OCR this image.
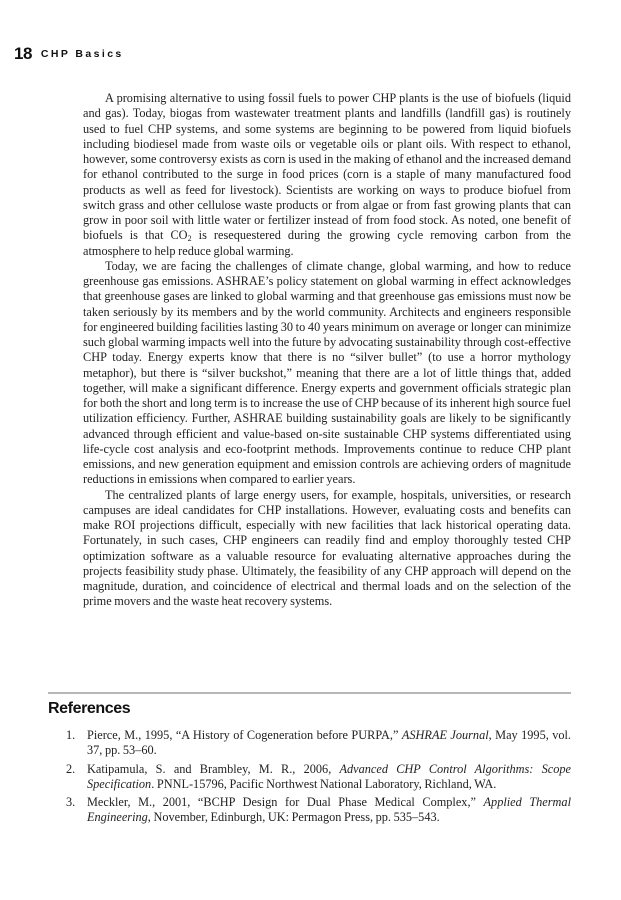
18 CHP Basics

A promising alternative to using fossil fuels to power CHP plants is the use of biofuels (liquid and gas). Today, biogas from wastewater treatment plants and landfills (landfill gas) is routinely used to fuel CHP systems, and some systems are beginning to be powered from liquid biofuels including biodiesel made from waste oils or vegetable oils or plant oils. With respect to ethanol, however, some controversy exists as corn is used in the making of ethanol and the increased demand for ethanol contributed to the surge in food prices (corn is a staple of many manufactured food products as well as feed for livestock). Scientists are working on ways to produce biofuel from switch grass and other cellulose waste products or from algae or from fast growing plants that can grow in poor soil with little water or fertilizer instead of from food stock. As noted, one benefit of biofuels is that $CO_2$ is resequestered during the growing cycle removing carbon from the atmosphere to help reduce global warming.

Today, we are facing the challenges of climate change, global warming, and how to reduce greenhouse gas emissions. ASHRAE’s policy statement on global warming in effect acknowledges that greenhouse gases are linked to global warming and that greenhouse gas emissions must now be taken seriously by its members and by the world community. Architects and engineers responsible for engineered building facilities lasting 30 to 40 years minimum on average or longer can minimize such global warming impacts well into the future by advocating sustainability through cost-effective CHP today. Energy experts know that there is no “silver bullet” (to use a horror mythology metaphor), but there is “silver buckshot,” meaning that there are a lot of little things that, added together, will make a significant difference. Energy experts and government officials strategic plan for both the short and long term is to increase the use of CHP because of its inherent high source fuel utilization efficiency. Further, ASHRAE building sustainability goals are likely to be significantly advanced through efficient and value-based on-site sustainable CHP systems differentiated using life-cycle cost analysis and eco-footprint methods. Improvements continue to reduce CHP plant emissions, and new generation equipment and emission controls are achieving orders of magnitude reductions in emissions when compared to earlier years.

The centralized plants of large energy users, for example, hospitals, universities, or research campuses are ideal candidates for CHP installations. However, evaluating costs and benefits can make ROI projections difficult, especially with new facilities that lack historical operating data. Fortunately, in such cases, CHP engineers can readily find and employ thoroughly tested CHP optimization software as a valuable resource for evaluating alternative approaches during the projects feasibility study phase. Ultimately, the feasibility of any CHP approach will depend on the magnitude, duration, and coincidence of electrical and thermal loads and on the selection of the prime movers and the waste heat recovery systems.

References
1. Pierce, M., 1995, “A History of Cogeneration before PURPA,” ASHRAE Journal, May 1995, vol. 37, pp. 53–60.
2. Katipamula, S. and Brambley, M. R., 2006, Advanced CHP Control Algorithms: Scope Specification. PNNL-15796, Pacific Northwest National Laboratory, Richland, WA.
3. Meckler, M., 2001, “BCHP Design for Dual Phase Medical Complex,” Applied Thermal Engineering, November, Edinburgh, UK: Permagon Press, pp. 535–543.
